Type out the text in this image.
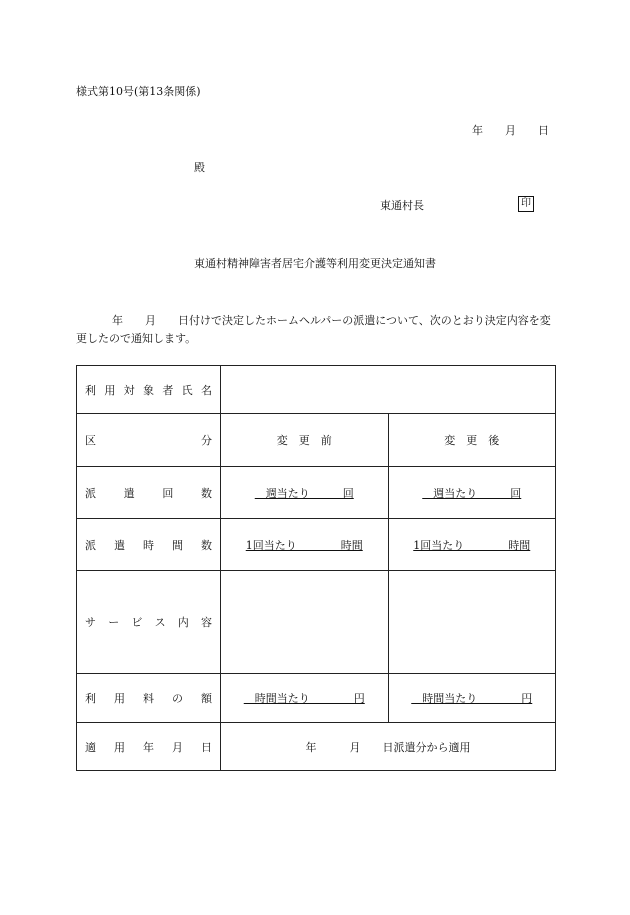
様式第10号(第13条関係)
年　　月　　日
殿
東通村長	印
東通村精神障害者居宅介護等利用変更決定通知書
年　　月　　日付けで決定したホームヘルパーの派遣について、次のとおり決定内容を変更したので通知します。
利用対象者氏名		

区分	変　更　前	変　更　後

派遣回数	　週当たり　　　回	　週当たり　　　回

派遣時間数	1回当たり　　　　時間	1回当たり　　　　時間

サービス内容		

利用料の額	　時間当たり　　　　円	　時間当たり　　　　円

適用年月日	年　　　月　　日派遣分から適用	
